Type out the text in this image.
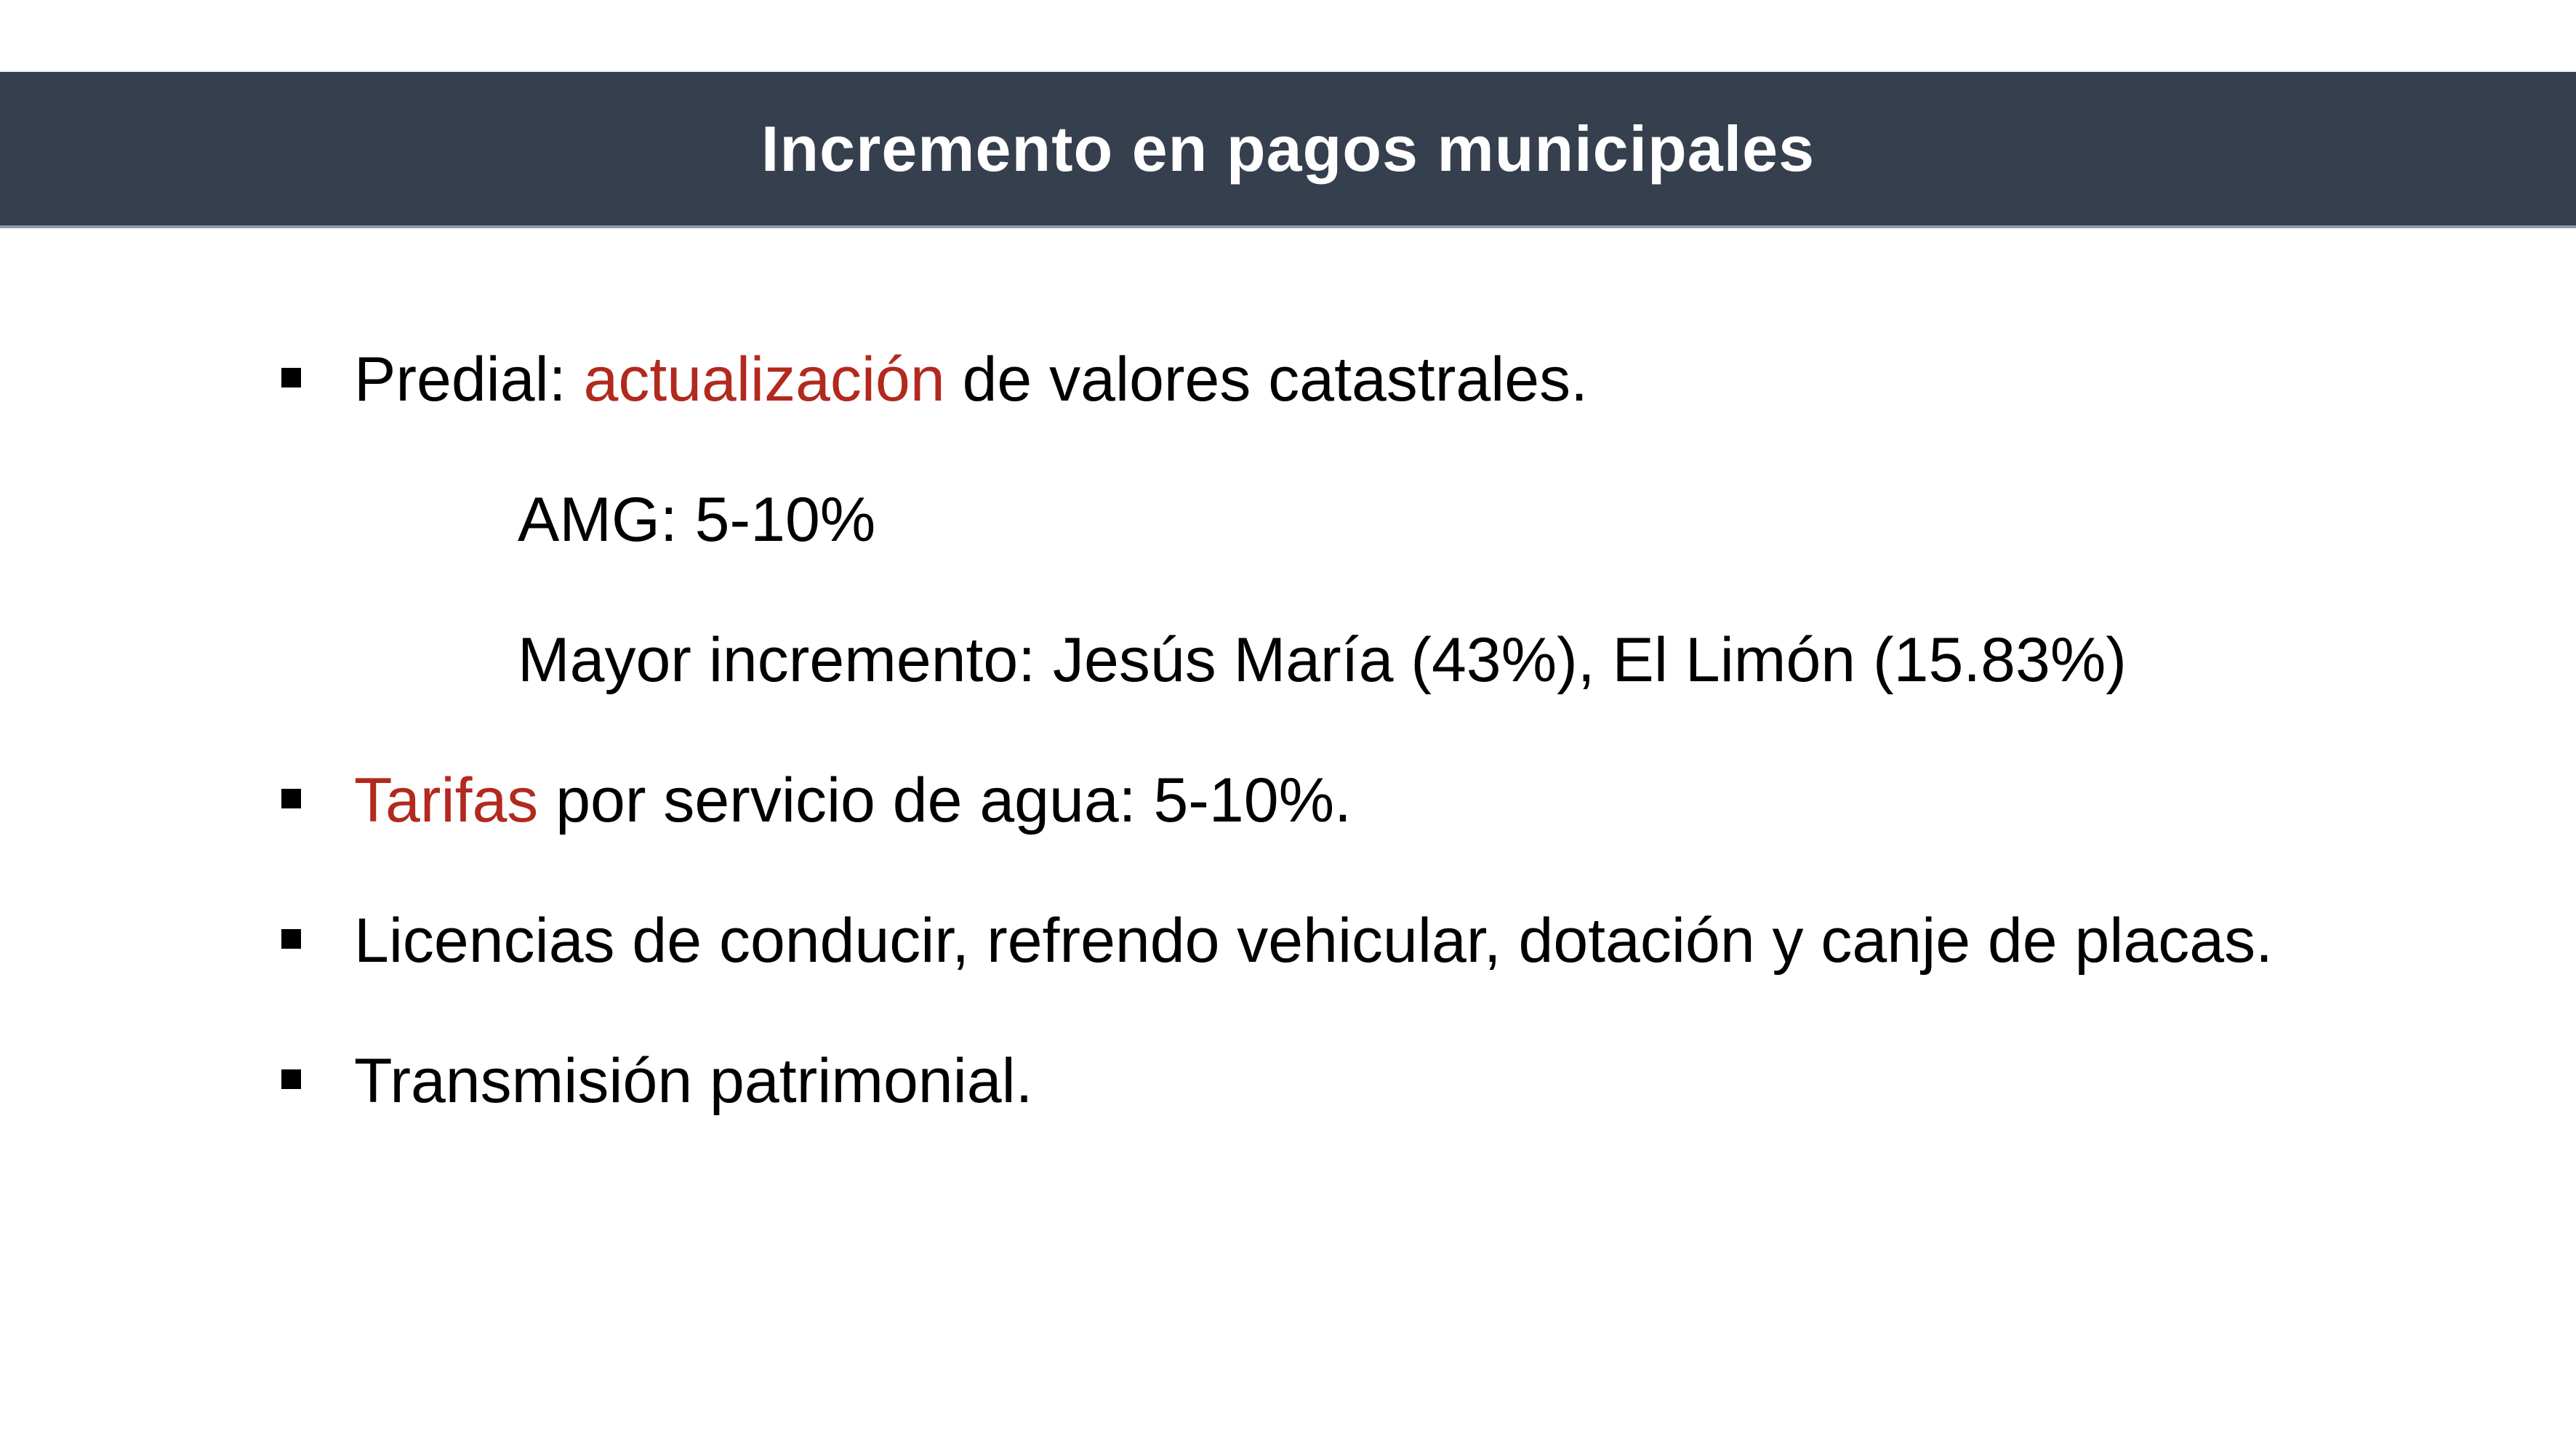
Incremento en pagos municipales
Predial: actualización de valores catastrales.
AMG: 5-10%
Mayor incremento: Jesús María (43%), El Limón (15.83%)
Tarifas por servicio de agua: 5-10%.
Licencias de conducir, refrendo vehicular, dotación y canje de placas.
Transmisión patrimonial.
